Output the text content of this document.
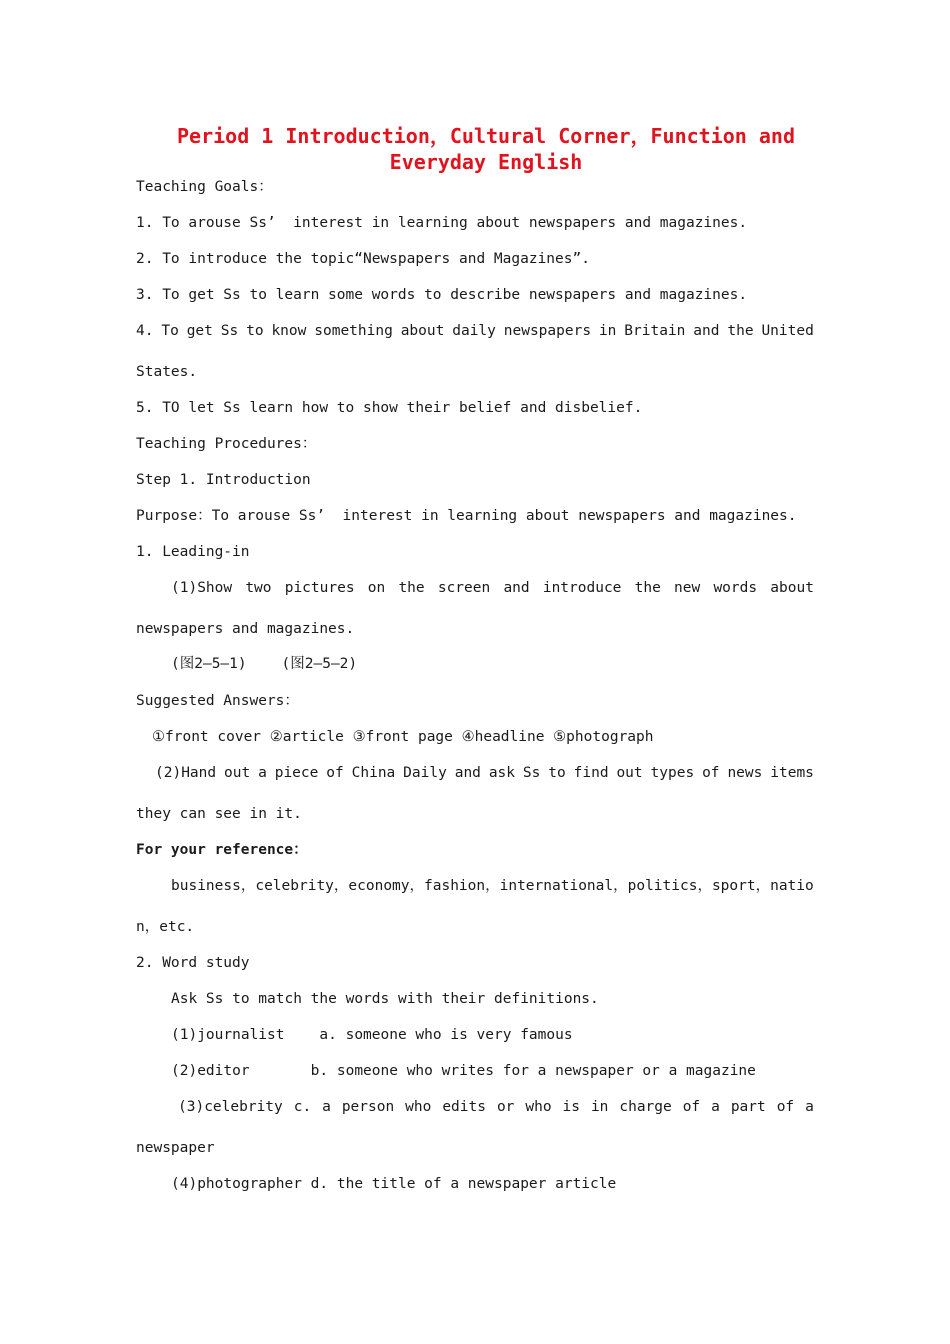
Period 1 Introduction，Cultural Corner，Function and
Everyday English
Teaching Goals：
1. To arouse Ss’  interest in learning about newspapers and magazines.
2. To introduce the topic“Newspapers and Magazines”.
3. To get Ss to learn some words to describe newspapers and magazines.
4. To get Ss to know something about daily newspapers in Britain and the United
States.
5. TO let Ss learn how to show their belief and disbelief.
Teaching Procedures：
Step 1. Introduction
Purpose：To arouse Ss’  interest in learning about newspapers and magazines.
1. Leading-in
(1)Show two pictures on the screen and introduce the new words about
newspapers and magazines.
(图2—5—1)    (图2—5—2)
Suggested Answers：
①front cover ②article ③front page ④headline ⑤photograph
(2)Hand out a piece of China Daily and ask Ss to find out types of news items
they can see in it.
For your reference：
business，celebrity，economy，fashion，international，politics，sport，natio
n，etc.
2. Word study
Ask Ss to match the words with their definitions.
(1)journalist    a. someone who is very famous
(2)editor       b. someone who writes for a newspaper or a magazine
(3)celebrity c. a person who edits or who is in charge of a part of a
newspaper
(4)photographer d. the title of a newspaper article
